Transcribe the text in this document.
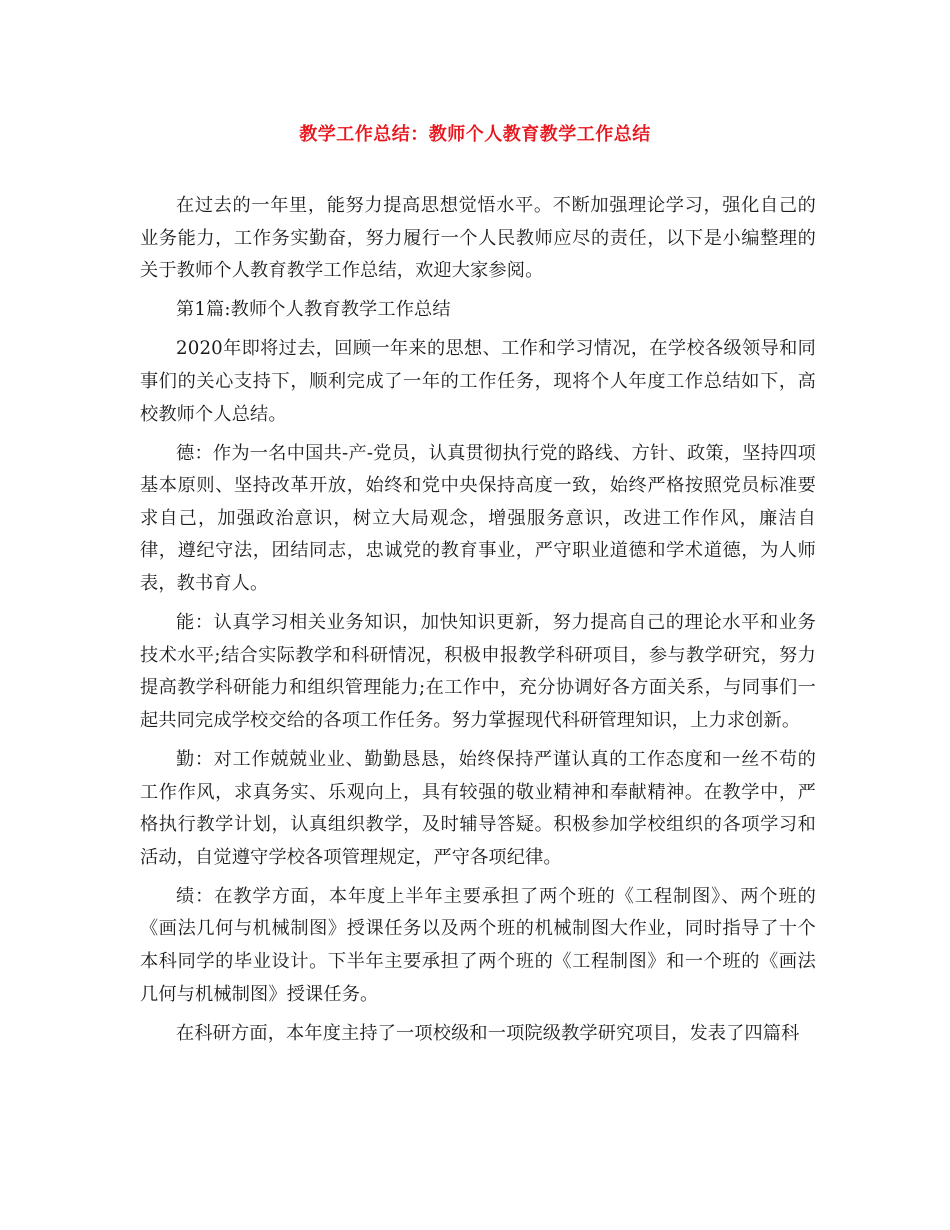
教学工作总结：教师个人教育教学工作总结

在过去的一年里，能努力提高思想觉悟水平。不断加强理论学习，强化自己的业务能力，工作务实勤奋，努力履行一个人民教师应尽的责任，以下是小编整理的关于教师个人教育教学工作总结，欢迎大家参阅。

第1篇:教师个人教育教学工作总结

2020年即将过去，回顾一年来的思想、工作和学习情况，在学校各级领导和同事们的关心支持下，顺利完成了一年的工作任务，现将个人年度工作总结如下，高校教师个人总结。

德：作为一名中国共-产-党员，认真贯彻执行党的路线、方针、政策，坚持四项基本原则、坚持改革开放，始终和党中央保持高度一致，始终严格按照党员标准要求自己，加强政治意识，树立大局观念，增强服务意识，改进工作作风，廉洁自律，遵纪守法，团结同志，忠诚党的教育事业，严守职业道德和学术道德，为人师表，教书育人。

能：认真学习相关业务知识，加快知识更新，努力提高自己的理论水平和业务技术水平;结合实际教学和科研情况，积极申报教学科研项目，参与教学研究，努力提高教学科研能力和组织管理能力;在工作中，充分协调好各方面关系，与同事们一起共同完成学校交给的各项工作任务。努力掌握现代科研管理知识，上力求创新。

勤：对工作兢兢业业、勤勤恳恳，始终保持严谨认真的工作态度和一丝不苟的工作作风，求真务实、乐观向上，具有较强的敬业精神和奉献精神。在教学中，严格执行教学计划，认真组织教学，及时辅导答疑。积极参加学校组织的各项学习和活动，自觉遵守学校各项管理规定，严守各项纪律。

绩：在教学方面，本年度上半年主要承担了两个班的《工程制图》、两个班的《画法几何与机械制图》授课任务以及两个班的机械制图大作业，同时指导了十个本科同学的毕业设计。下半年主要承担了两个班的《工程制图》和一个班的《画法几何与机械制图》授课任务。

在科研方面，本年度主持了一项校级和一项院级教学研究项目，发表了四篇科
